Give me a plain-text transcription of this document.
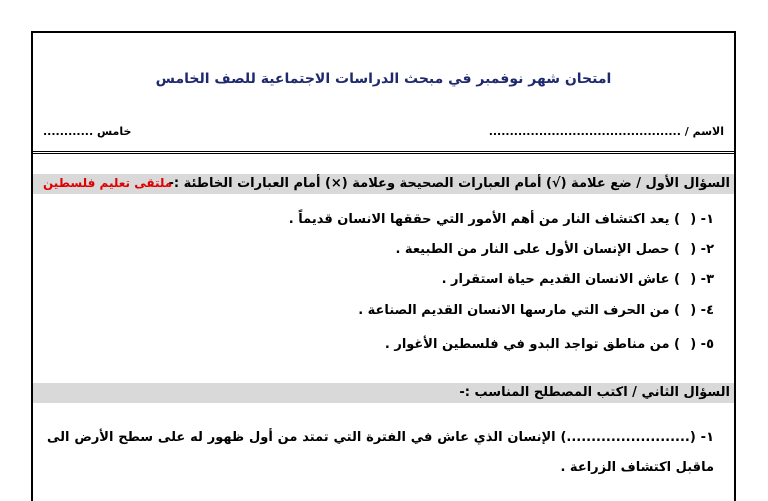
امتحان شهر نوفمبر في مبحث الدراسات الاجتماعية للصف الخامس
الاسم / ..............................................
خامس ............
السؤال الأول / ضع علامة (√) أمام العبارات الصحيحة وعلامة (×) أمام العبارات الخاطئة :-
ملتقى تعليم فلسطين
١- () يعد اكتشاف النار من أهم الأمور التي حققها الانسان قديماً .
٢- () حصل الإنسان الأول على النار من الطبيعة .
٣- () عاش الانسان القديم حياة استقرار .
٤- () من الحرف التي مارسها الانسان القديم الصناعة .
٥- () من مناطق تواجد البدو في فلسطين الأغوار .
السؤال الثاني / اكتب المصطلح المناسب :-
١- (.........................) الإنسان الذي عاش في الفترة التي تمتد من أول ظهور له على سطح الأرض الى ماقبل اكتشاف الزراعة .
